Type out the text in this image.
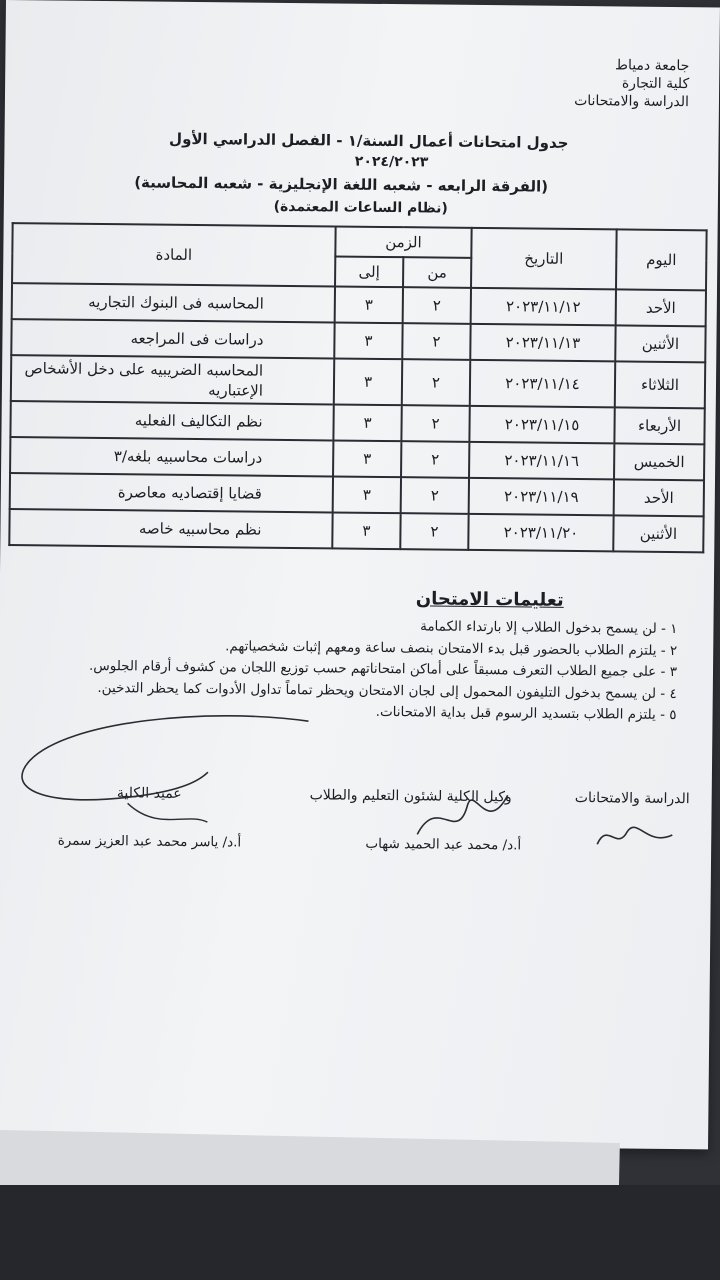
جامعة دمياط
كلية التجارة
الدراسة والامتحانات
جدول امتحانات أعمال السنة/١ - الفصل الدراسي الأول
٢٠٢٤/٢٠٢٣
(الفرقة الرابعه - شعبه اللغة الإنجليزية - شعبه المحاسبة)
(نظام الساعات المعتمدة)
اليوم	التاريخ	الزمن		المادة
		من	إلى	
الأحد	٢٠٢٣/١١/١٢	٢	٣	المحاسبه فى البنوك التجاريه
الأثنين	٢٠٢٣/١١/١٣	٢	٣	دراسات فى المراجعه
الثلاثاء	٢٠٢٣/١١/١٤	٢	٣	المحاسبه الضريبيه على دخل الأشخاص الإعتباريه
الأربعاء	٢٠٢٣/١١/١٥	٢	٣	نظم التكاليف الفعليه
الخميس	٢٠٢٣/١١/١٦	٢	٣	دراسات محاسبيه بلغه/٣
الأحد	٢٠٢٣/١١/١٩	٢	٣	قضايا إقتصاديه معاصرة
الأثنين	٢٠٢٣/١١/٢٠	٢	٣	نظم محاسبيه خاصه
تعليمات الامتحان
١ - لن يسمح بدخول الطلاب إلا بارتداء الكمامة
٢ - يلتزم الطلاب بالحضور قبل بدء الامتحان بنصف ساعة ومعهم إثبات شخصياتهم.
٣ - على جميع الطلاب التعرف مسبقاً على أماكن امتحاناتهم حسب توزيع اللجان من كشوف أرقام الجلوس.
٤ - لن يسمح بدخول التليفون المحمول إلى لجان الامتحان ويحظر تماماً تداول الأدوات كما يحظر التدخين.
٥ - يلتزم الطلاب بتسديد الرسوم قبل بداية الامتحانات.
الدراسة والامتحانات
وكيل الكلية لشئون التعليم والطلاب
عميد الكلية
أ.د/ محمد عبد الحميد شهاب
أ.د/ ياسر محمد عبد العزيز سمرة
